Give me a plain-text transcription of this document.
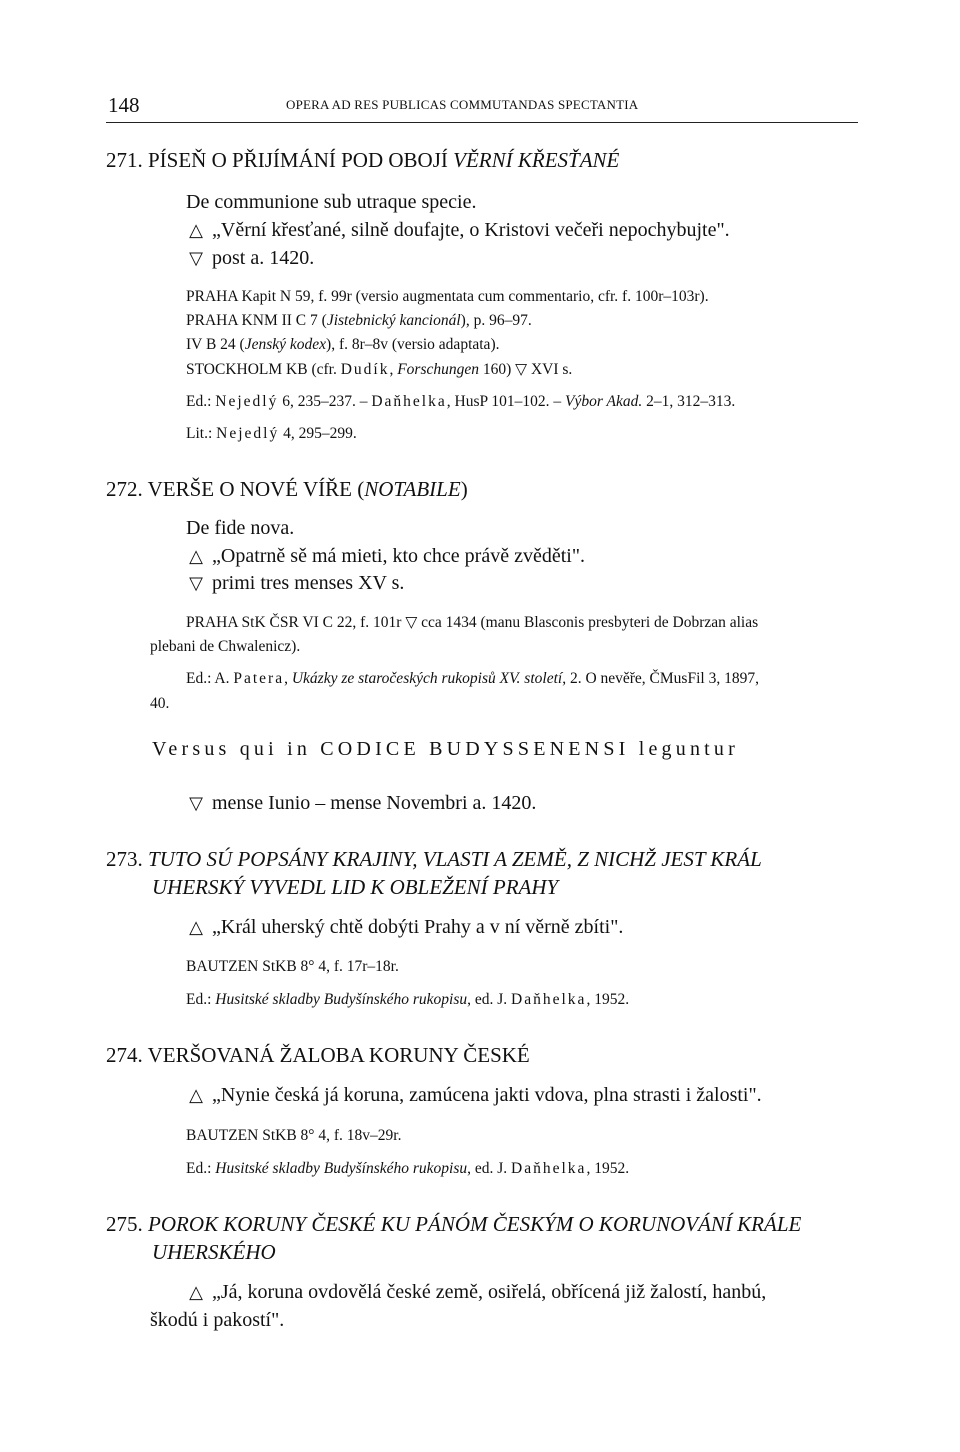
148	OPERA AD RES PUBLICAS COMMUTANDAS SPECTANTIA
271. PÍSEŇ O PŘIJÍMÁNÍ POD OBOJÍ VĚRNÍ KŘESŤANÉ
De communione sub utraque specie.
△ „Věrní křesťané, silně doufajte, o Kristovi večeři nepochybujte".
▽ post a. 1420.
PRAHA Kapit N 59, f. 99r (versio augmentata cum commentario, cfr. f. 100r–103r).
PRAHA KNM II C 7 (Jistebnický kancionál), p. 96–97.
IV B 24 (Jenský kodex), f. 8r–8v (versio adaptata).
STOCKHOLM KB (cfr. Dudík, Forschungen 160) ▽ XVI s.
Ed.: Nejedlý 6, 235–237. – Daňhelka, HusP 101–102. – Výbor Akad. 2–1, 312–313.
Lit.: Nejedlý 4, 295–299.
272. VERŠE O NOVÉ VÍŘE (NOTABILE)
De fide nova.
△ „Opatrně sě má mieti, kto chce právě zvěděti".
▽ primi tres menses XV s.
PRAHA StK ČSR VI C 22, f. 101r ▽ cca 1434 (manu Blasconis presbyteri de Dobrzan alias
plebani de Chwalenicz).
Ed.: A. Patera, Ukázky ze staročeských rukopisů XV. století, 2. O nevěře, ČMusFil 3, 1897,
40.
Versus qui in CODICE BUDYSSENENSI leguntur
▽ mense Iunio – mense Novembri a. 1420.
273. TUTO SÚ POPSÁNY KRAJINY, VLASTI A ZEMĚ, Z NICHŽ JEST KRÁL
UHERSKÝ VYVEDL LID K OBLEŽENÍ PRAHY
△ „Král uherský chtě dobýti Prahy a v ní věrně zbíti".
BAUTZEN StKB 8° 4, f. 17r–18r.
Ed.: Husitské skladby Budyšínského rukopisu, ed. J. Daňhelka, 1952.
274. VERŠOVANÁ ŽALOBA KORUNY ČESKÉ
△ „Nynie česká já koruna, zamúcena jakti vdova, plna strasti i žalosti".
BAUTZEN StKB 8° 4, f. 18v–29r.
Ed.: Husitské skladby Budyšínského rukopisu, ed. J. Daňhelka, 1952.
275. POROK KORUNY ČESKÉ KU PÁNÓM ČESKÝM O KORUNOVÁNÍ KRÁLE
UHERSKÉHO
△ „Já, koruna ovdovělá české země, osiřelá, obřícená již žalostí, hanbú,
škodú i pakostí".
